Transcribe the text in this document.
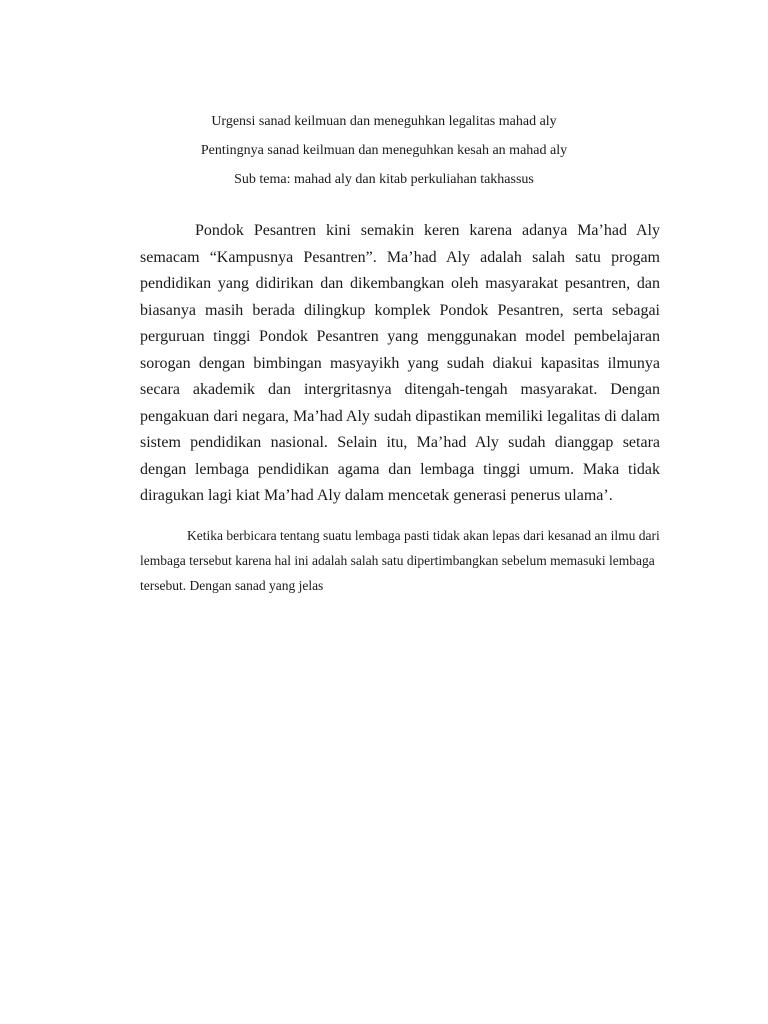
Urgensi sanad keilmuan dan meneguhkan legalitas mahad aly
Pentingnya sanad keilmuan dan meneguhkan kesah an mahad aly
Sub tema: mahad aly dan kitab perkuliahan takhassus

Pondok Pesantren kini semakin keren karena adanya Ma’had Aly semacam “Kampusnya Pesantren”. Ma’had Aly adalah salah satu progam pendidikan yang didirikan dan dikembangkan oleh masyarakat pesantren, dan biasanya masih berada dilingkup komplek Pondok Pesantren, serta sebagai perguruan tinggi Pondok Pesantren yang menggunakan model pembelajaran sorogan dengan bimbingan masyayikh yang sudah diakui kapasitas ilmunya secara akademik dan intergritasnya ditengah-tengah masyarakat. Dengan pengakuan dari negara, Ma’had Aly sudah dipastikan memiliki legalitas di dalam sistem pendidikan nasional. Selain itu, Ma’had Aly sudah dianggap setara dengan lembaga pendidikan agama dan lembaga tinggi umum. Maka tidak diragukan lagi kiat Ma’had Aly dalam mencetak generasi penerus ulama’.

Ketika berbicara tentang suatu lembaga pasti tidak akan lepas dari kesanad an ilmu dari lembaga tersebut karena hal ini adalah salah satu dipertimbangkan sebelum memasuki lembaga tersebut. Dengan sanad yang jelas
